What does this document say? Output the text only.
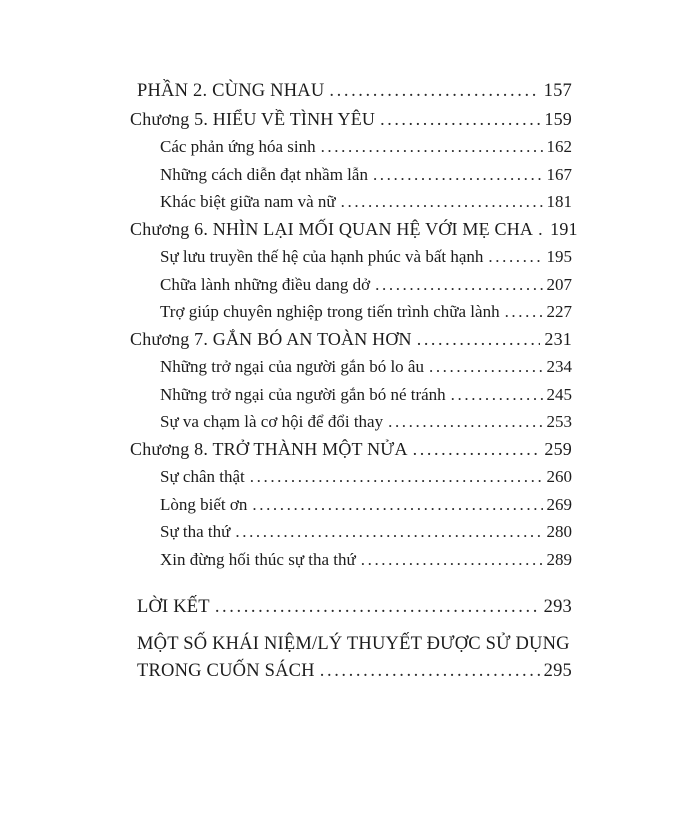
PHẦN 2. CÙNG NHAU .....	157
Chương 5. HIỂU VỀ TÌNH YÊU .....	159
Các phản ứng hóa sinh .....	162
Những cách diễn đạt nhầm lẫn .....	167
Khác biệt giữa nam và nữ .....	181
Chương 6. NHÌN LẠI MỐI QUAN HỆ VỚI MẸ CHA ..... 191
Sự lưu truyền thế hệ của hạnh phúc và bất hạnh .....	195
Chữa lành những điều dang dở .....	207
Trợ giúp chuyên nghiệp trong tiến trình chữa lành .....	227
Chương 7. GẮN BÓ AN TOÀN HƠN .....	231
Những trở ngại của người gắn bó lo âu .....	234
Những trở ngại của người gắn bó né tránh .....	245
Sự va chạm là cơ hội để đổi thay .....	253
Chương 8. TRỞ THÀNH MỘT NỬA .....	259
Sự chân thật .....	260
Lòng biết ơn .....	269
Sự tha thứ .....	280
Xin đừng hối thúc sự tha thứ .....	289
LỜI KẾT .....	293
MỘT SỐ KHÁI NIỆM/LÝ THUYẾT ĐƯỢC SỬ DỤNG
TRONG CUỐN SÁCH .....	295
